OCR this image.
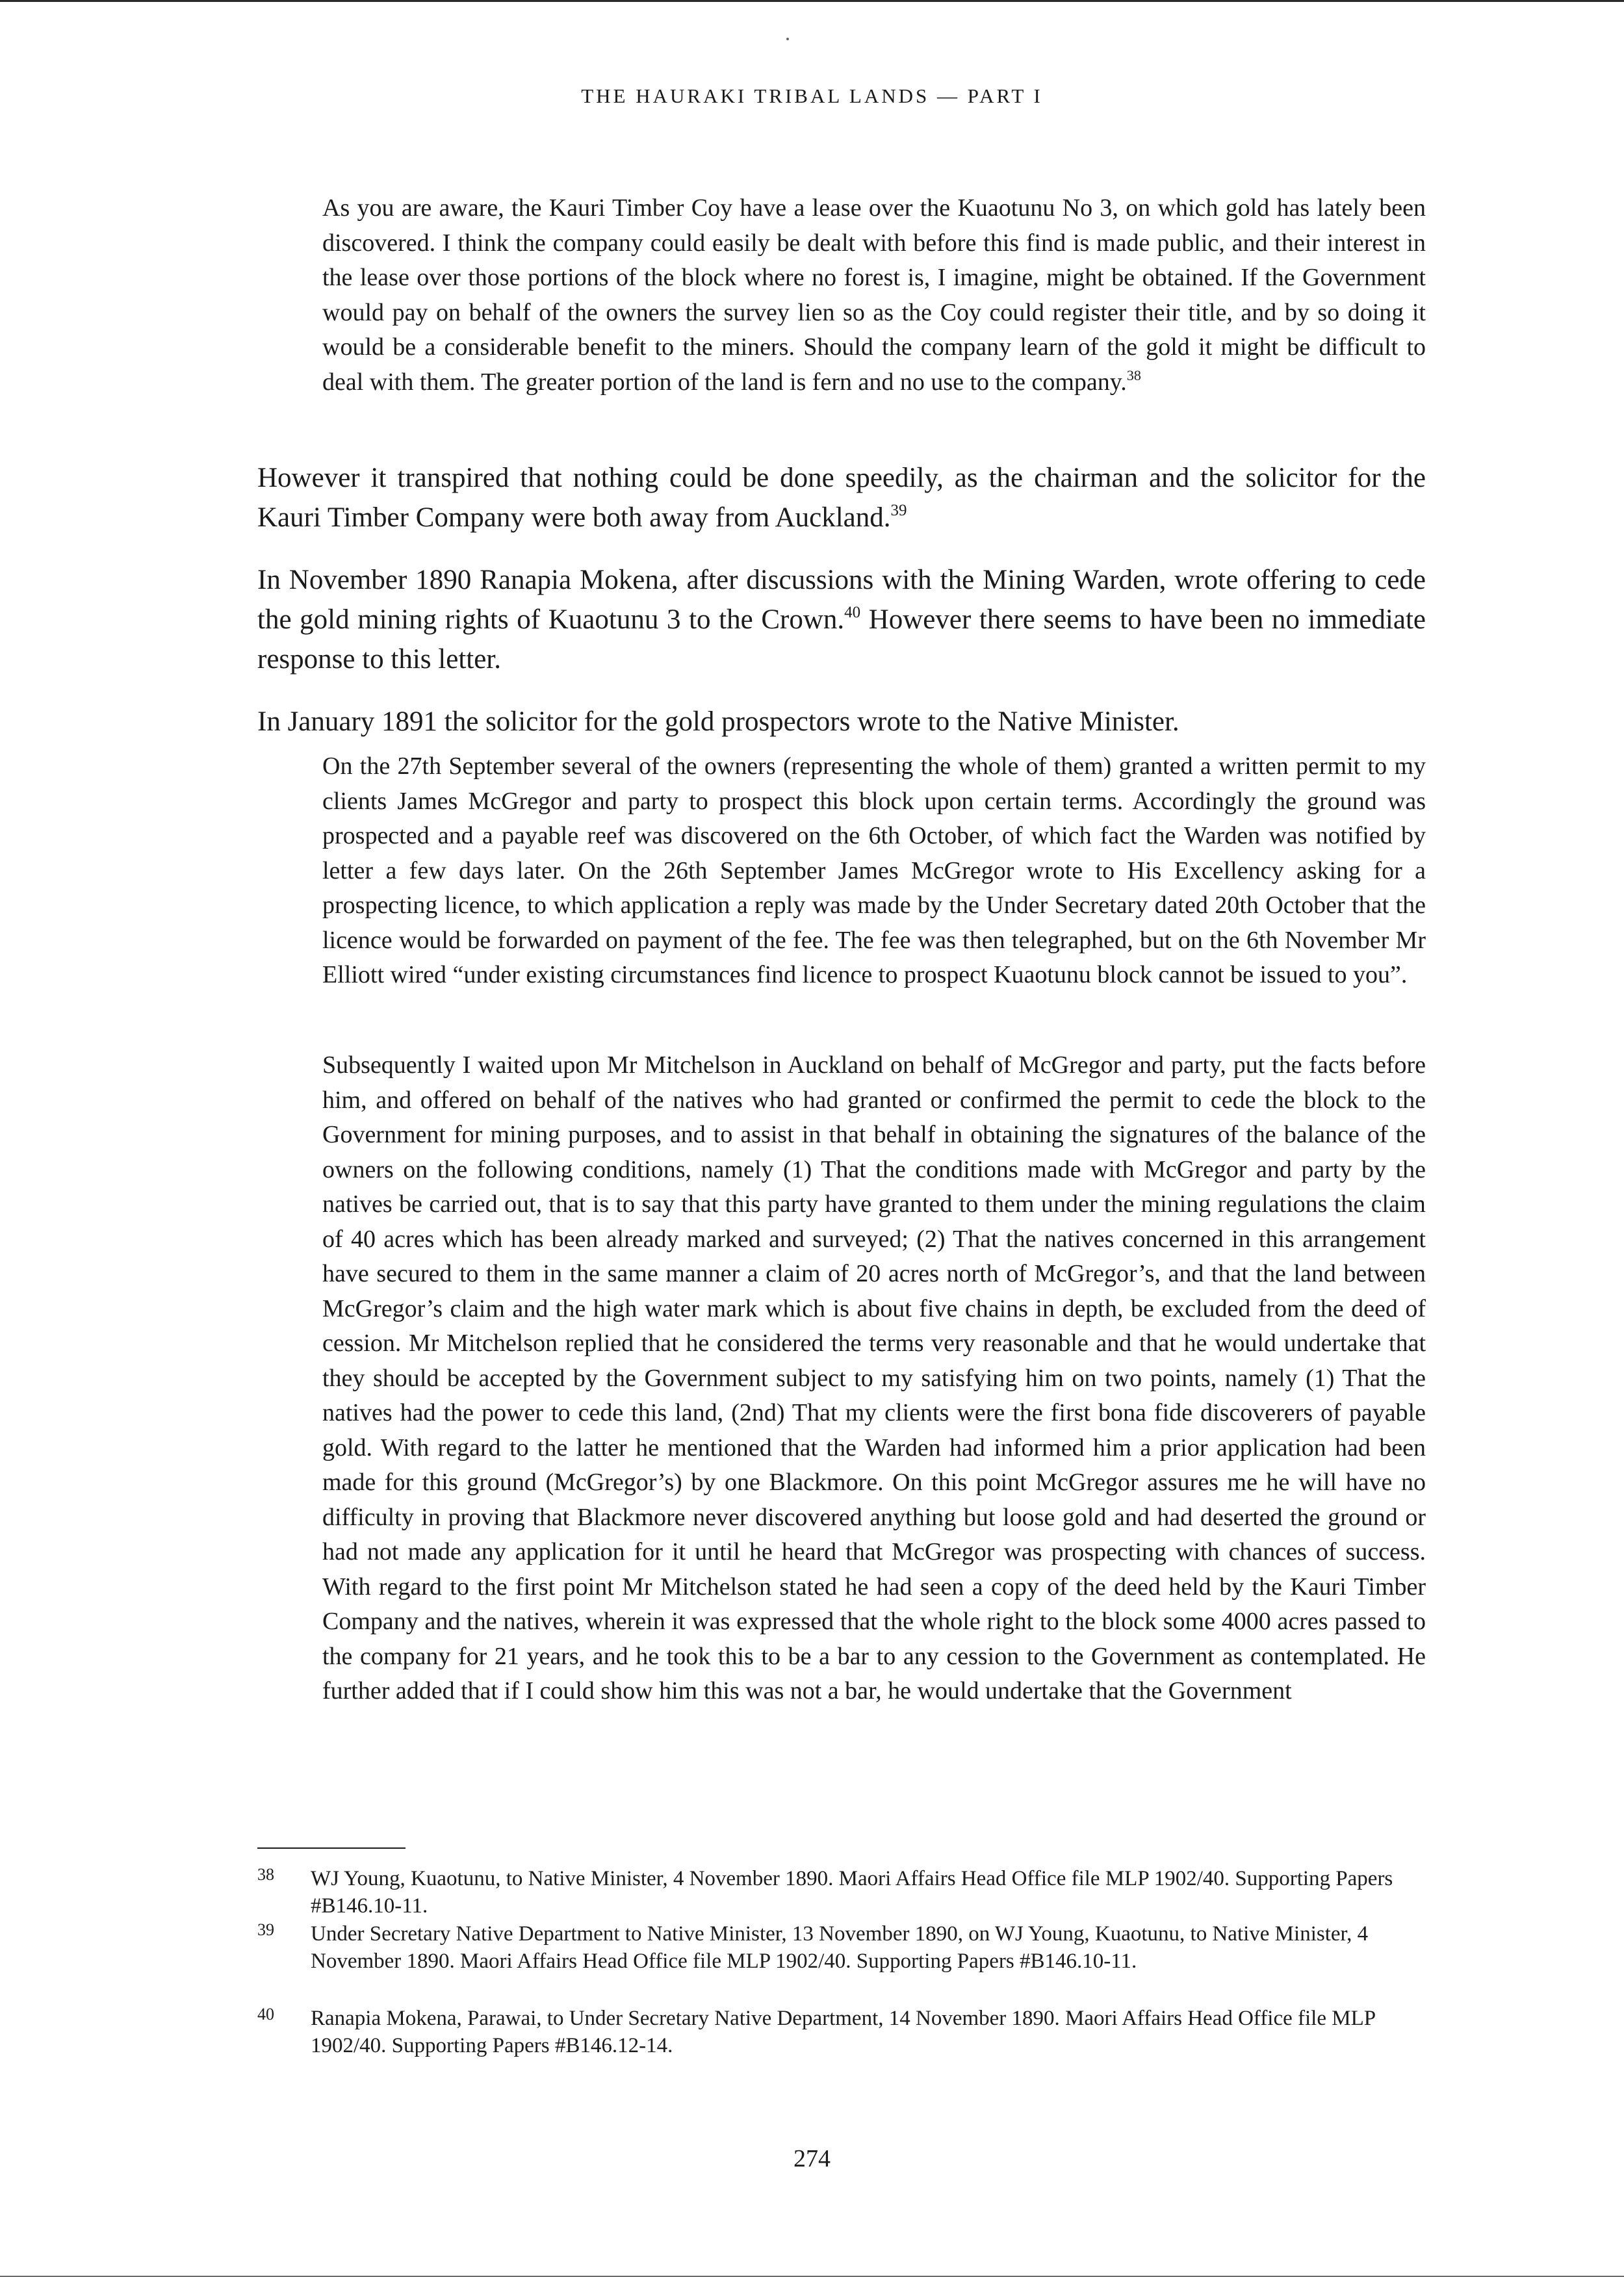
THE HAURAKI TRIBAL LANDS — PART I

As you are aware, the Kauri Timber Coy have a lease over the Kuaotunu No 3, on which gold has lately been discovered. I think the company could easily be dealt with before this find is made public, and their interest in the lease over those portions of the block where no forest is, I imagine, might be obtained. If the Government would pay on behalf of the owners the survey lien so as the Coy could register their title, and by so doing it would be a considerable benefit to the miners. Should the company learn of the gold it might be difficult to deal with them. The greater portion of the land is fern and no use to the company.$^{38}$

However it transpired that nothing could be done speedily, as the chairman and the solicitor for the Kauri Timber Company were both away from Auckland.$^{39}$

In November 1890 Ranapia Mokena, after discussions with the Mining Warden, wrote offering to cede the gold mining rights of Kuaotunu 3 to the Crown.$^{40}$ However there seems to have been no immediate response to this letter.

In January 1891 the solicitor for the gold prospectors wrote to the Native Minister.

On the 27th September several of the owners (representing the whole of them) granted a written permit to my clients James McGregor and party to prospect this block upon certain terms. Accordingly the ground was prospected and a payable reef was discovered on the 6th October, of which fact the Warden was notified by letter a few days later. On the 26th September James McGregor wrote to His Excellency asking for a prospecting licence, to which application a reply was made by the Under Secretary dated 20th October that the licence would be forwarded on payment of the fee. The fee was then telegraphed, but on the 6th November Mr Elliott wired “under existing circumstances find licence to prospect Kuaotunu block cannot be issued to you”.

Subsequently I waited upon Mr Mitchelson in Auckland on behalf of McGregor and party, put the facts before him, and offered on behalf of the natives who had granted or confirmed the permit to cede the block to the Government for mining purposes, and to assist in that behalf in obtaining the signatures of the balance of the owners on the following conditions, namely (1) That the conditions made with McGregor and party by the natives be carried out, that is to say that this party have granted to them under the mining regulations the claim of 40 acres which has been already marked and surveyed; (2) That the natives concerned in this arrangement have secured to them in the same manner a claim of 20 acres north of McGregor’s, and that the land between McGregor’s claim and the high water mark which is about five chains in depth, be excluded from the deed of cession. Mr Mitchelson replied that he considered the terms very reasonable and that he would undertake that they should be accepted by the Government subject to my satisfying him on two points, namely (1) That the natives had the power to cede this land, (2nd) That my clients were the first bona fide discoverers of payable gold. With regard to the latter he mentioned that the Warden had informed him a prior application had been made for this ground (McGregor’s) by one Blackmore. On this point McGregor assures me he will have no difficulty in proving that Blackmore never discovered anything but loose gold and had deserted the ground or had not made any application for it until he heard that McGregor was prospecting with chances of success. With regard to the first point Mr Mitchelson stated he had seen a copy of the deed held by the Kauri Timber Company and the natives, wherein it was expressed that the whole right to the block some 4000 acres passed to the company for 21 years, and he took this to be a bar to any cession to the Government as contemplated. He further added that if I could show him this was not a bar, he would undertake that the Government

38 WJ Young, Kuaotunu, to Native Minister, 4 November 1890. Maori Affairs Head Office file MLP 1902/40. Supporting Papers #B146.10-11.
39 Under Secretary Native Department to Native Minister, 13 November 1890, on WJ Young, Kuaotunu, to Native Minister, 4 November 1890. Maori Affairs Head Office file MLP 1902/40. Supporting Papers #B146.10-11.
40 Ranapia Mokena, Parawai, to Under Secretary Native Department, 14 November 1890. Maori Affairs Head Office file MLP 1902/40. Supporting Papers #B146.12-14.
274
